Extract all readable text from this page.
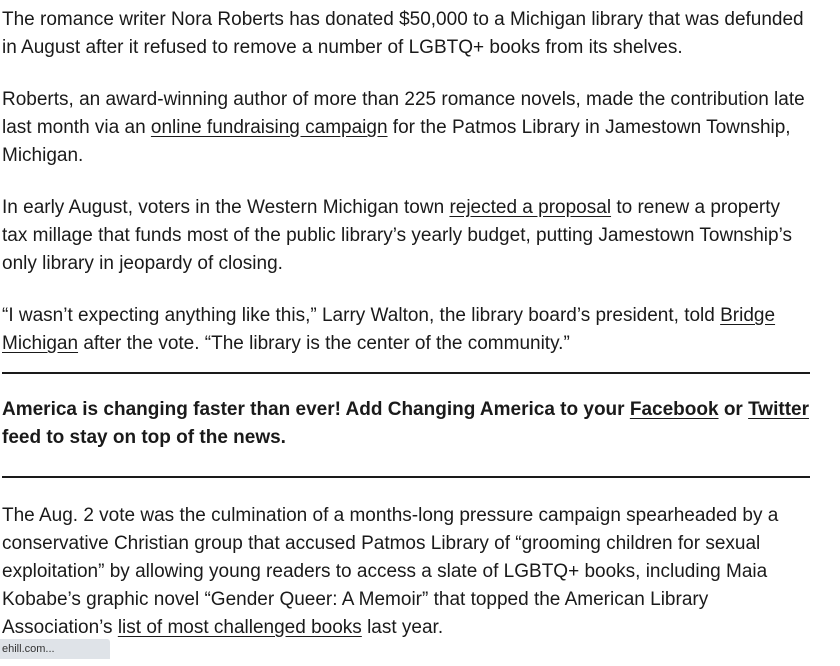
The romance writer Nora Roberts has donated $50,000 to a Michigan library that was defunded in August after it refused to remove a number of LGBTQ+ books from its shelves.

Roberts, an award-winning author of more than 225 romance novels, made the contribution late last month via an online fundraising campaign for the Patmos Library in Jamestown Township, Michigan.

In early August, voters in the Western Michigan town rejected a proposal to renew a property tax millage that funds most of the public library’s yearly budget, putting Jamestown Township’s only library in jeopardy of closing.

“I wasn’t expecting anything like this,” Larry Walton, the library board’s president, told Bridge Michigan after the vote. “The library is the center of the community.”

America is changing faster than ever! Add Changing America to your Facebook or Twitter feed to stay on top of the news.

The Aug. 2 vote was the culmination of a months-long pressure campaign spearheaded by a conservative Christian group that accused Patmos Library of “grooming children for sexual exploitation” by allowing young readers to access a slate of LGBTQ+ books, including Maia Kobabe’s graphic novel “Gender Queer: A Memoir” that topped the American Library Association’s list of most challenged books last year.

ehill.com...
